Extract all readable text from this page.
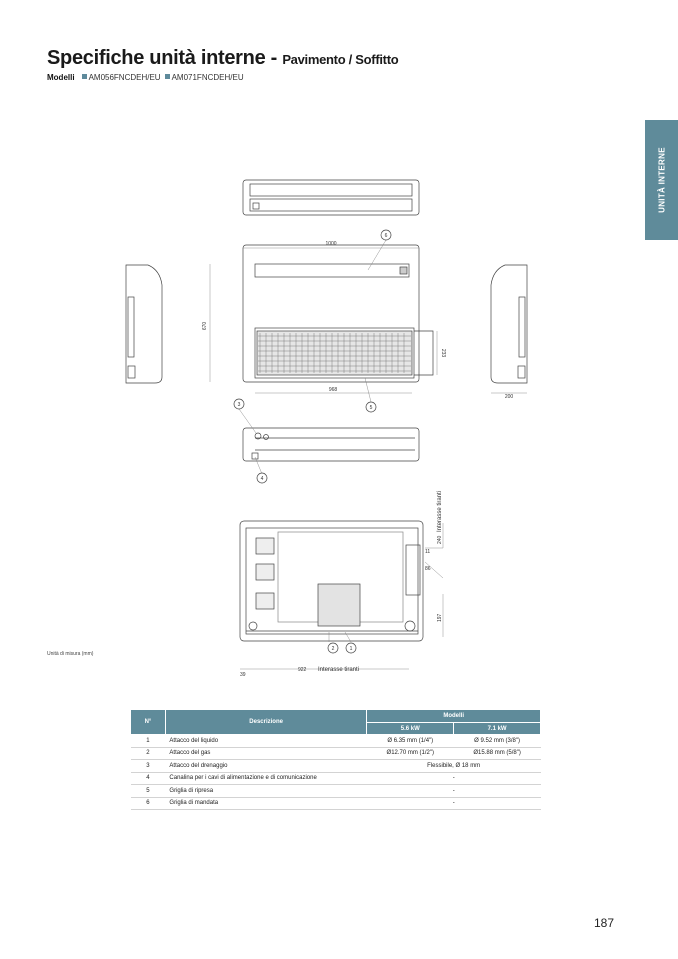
Specifiche unità interne - Pavimento / Soffitto
Modelli AM056FNCDEH/EU AM071FNCDEH/EU
UNITÀ INTERNE
6
5
3
4
2	1
1000
670
968
233
200
922 Interasse tiranti
39
240
Interasse tiranti
11
86
197
Unità di misura (mm)
N°	Descrizione	Modelli	
		5.6 kW	7.1 kW
1	Attacco del liquido	Ø 6.35 mm (1/4")	Ø 9.52 mm (3/8")
2	Attacco del gas	Ø12.70 mm (1/2")	Ø15.88 mm (5/8")
3	Attacco del drenaggio	Flessibile, Ø 18 mm	
4	Canalina per i cavi di alimentazione e di comunicazione	-	
5	Griglia di ripresa	-	
6	Griglia di mandata	-	
187
